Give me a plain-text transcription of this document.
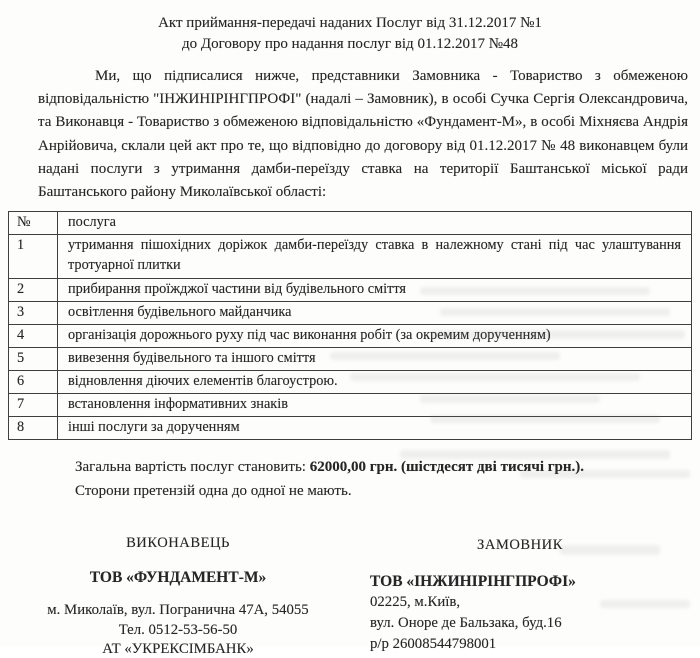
Акт приймання-передачі наданих Послуг від 31.12.2017 №1
до Договору про надання послуг від 01.12.2017 №48
Ми, що підписалися нижче, представники Замовника - Товариство з обмеженою відповідальністю "ІНЖИНІРІНГПРОФІ" (надалі – Замовник), в особі Сучка Сергія Олександровича, та Виконавця - Товариство з обмеженою відповідальністю «Фундамент-М», в особі Міхняєва Андрія Анрійовича, склали цей акт про те, що відповідно до договору від 01.12.2017 № 48 виконавцем були надані послуги з утримання дамби-переїзду ставка на території Баштанської міської ради Баштанського району Миколаївської області:
№	послуга
1	утримання пішохідних доріжок дамби-переїзду ставка в належному стані під час улаштування тротуарної плитки
2	прибирання проїжджої частини від будівельного сміття
3	освітлення будівельного майданчика
4	організація дорожнього руху під час виконання робіт (за окремим дорученням)
5	вивезення будівельного та іншого сміття
6	відновлення діючих елементів благоустрою.
7	встановлення інформативних знаків
8	інші послуги за дорученням
Загальна вартість послуг становить: 62000,00 грн. (шістдесят дві тисячі грн.).
Сторони претензій одна до одної не мають.
ВИКОНАВЕЦЬ
ТОВ «ФУНДАМЕНТ-М»
м. Миколаїв, вул. Погранична 47А, 54055
Тел. 0512-53-56-50
АТ «УКРЕКСІМБАНК»
ЗАМОВНИК
ТОВ «ІНЖИНІРІНГПРОФІ»
02225, м.Київ,
вул. Оноре де Бальзака, буд.16
р/р 26008544798001
